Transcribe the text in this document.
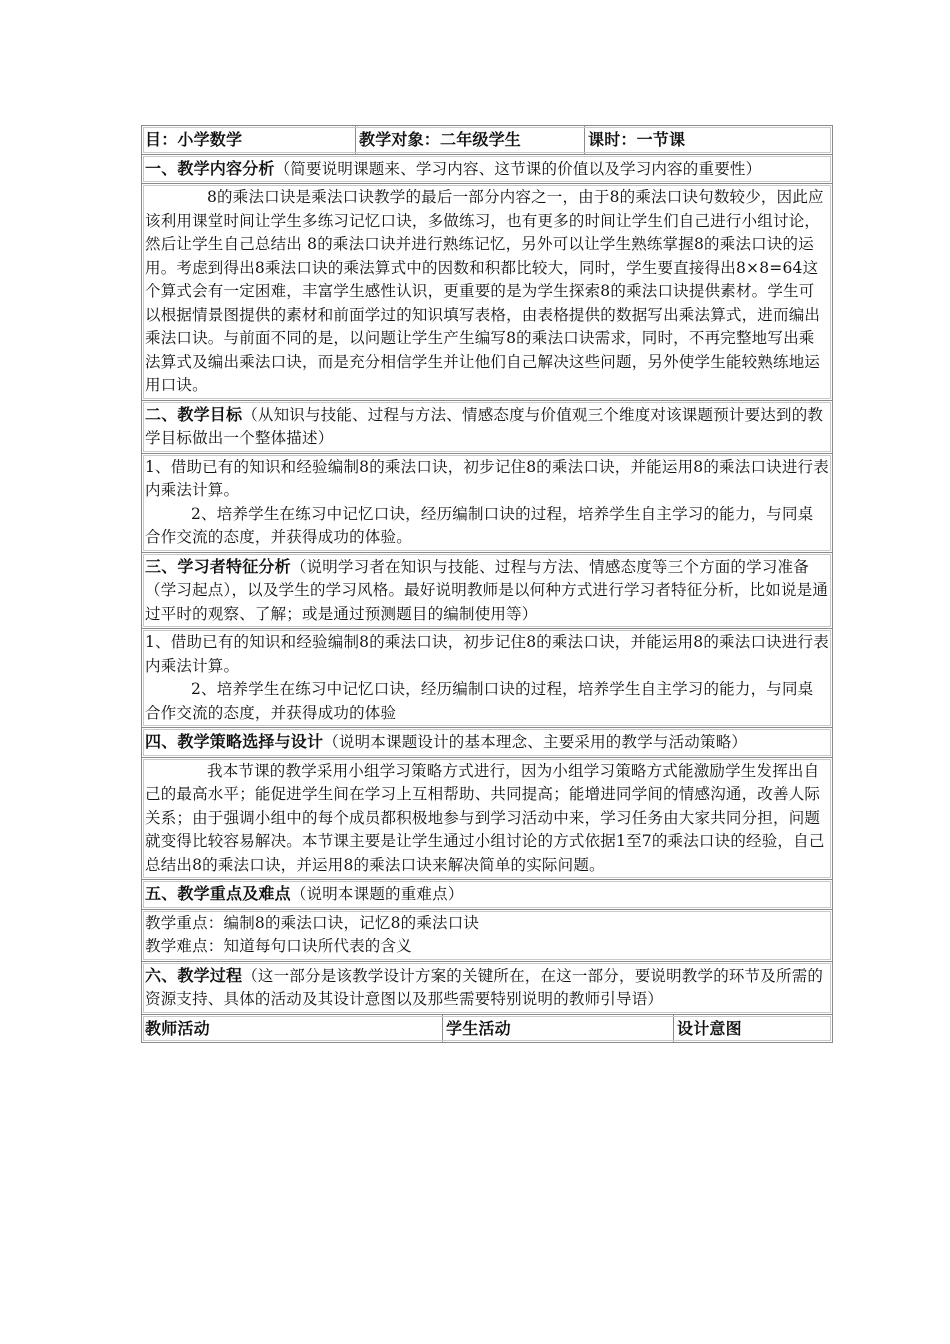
目：小学数学	教学对象：二年级学生	课时：一节课
一、教学内容分析（简要说明课题来、学习内容、这节课的价值以及学习内容的重要性）

8的乘法口诀是乘法口诀教学的最后一部分内容之一，由于8的乘法口诀句数较少，因此应该利用课堂时间让学生多练习记忆口诀，多做练习，也有更多的时间让学生们自己进行小组讨论，然后让学生自己总结出 8的乘法口诀并进行熟练记忆，另外可以让学生熟练掌握8的乘法口诀的运用。考虑到得出8乘法口诀的乘法算式中的因数和积都比较大，同时，学生要直接得出8×8=64这个算式会有一定困难，丰富学生感性认识，更重要的是为学生探索8的乘法口诀提供素材。学生可以根据情景图提供的素材和前面学过的知识填写表格，由表格提供的数据写出乘法算式，进而编出乘法口诀。与前面不同的是，以问题让学生产生编写8的乘法口诀需求，同时，不再完整地写出乘法算式及编出乘法口诀，而是充分相信学生并让他们自己解决这些问题，另外使学生能较熟练地运用口诀。

二、教学目标（从知识与技能、过程与方法、情感态度与价值观三个维度对该课题预计要达到的教学目标做出一个整体描述）

1、借助已有的知识和经验编制8的乘法口诀，初步记住8的乘法口诀，并能运用8的乘法口诀进行表内乘法计算。

2、培养学生在练习中记忆口诀，经历编制口诀的过程，培养学生自主学习的能力，与同桌合作交流的态度，并获得成功的体验。

三、学习者特征分析（说明学习者在知识与技能、过程与方法、情感态度等三个方面的学习准备（学习起点），以及学生的学习风格。最好说明教师是以何种方式进行学习者特征分析，比如说是通过平时的观察、了解；或是通过预测题目的编制使用等）

1、借助已有的知识和经验编制8的乘法口诀，初步记住8的乘法口诀，并能运用8的乘法口诀进行表内乘法计算。

2、培养学生在练习中记忆口诀，经历编制口诀的过程，培养学生自主学习的能力，与同桌合作交流的态度，并获得成功的体验

四、教学策略选择与设计（说明本课题设计的基本理念、主要采用的教学与活动策略）

我本节课的教学采用小组学习策略方式进行，因为小组学习策略方式能激励学生发挥出自己的最高水平；能促进学生间在学习上互相帮助、共同提高；能增进同学间的情感沟通，改善人际关系；由于强调小组中的每个成员都积极地参与到学习活动中来，学习任务由大家共同分担，问题就变得比较容易解决。本节课主要是让学生通过小组讨论的方式依据1至7的乘法口诀的经验，自己总结出8的乘法口诀，并运用8的乘法口诀来解决简单的实际问题。

五、教学重点及难点（说明本课题的重难点）

教学重点：编制8的乘法口诀，记忆8的乘法口诀

教学难点：知道每句口诀所代表的含义

六、教学过程（这一部分是该教学设计方案的关键所在，在这一部分，要说明教学的环节及所需的资源支持、具体的活动及其设计意图以及那些需要特别说明的教师引导语）
教师活动	学生活动	设计意图
